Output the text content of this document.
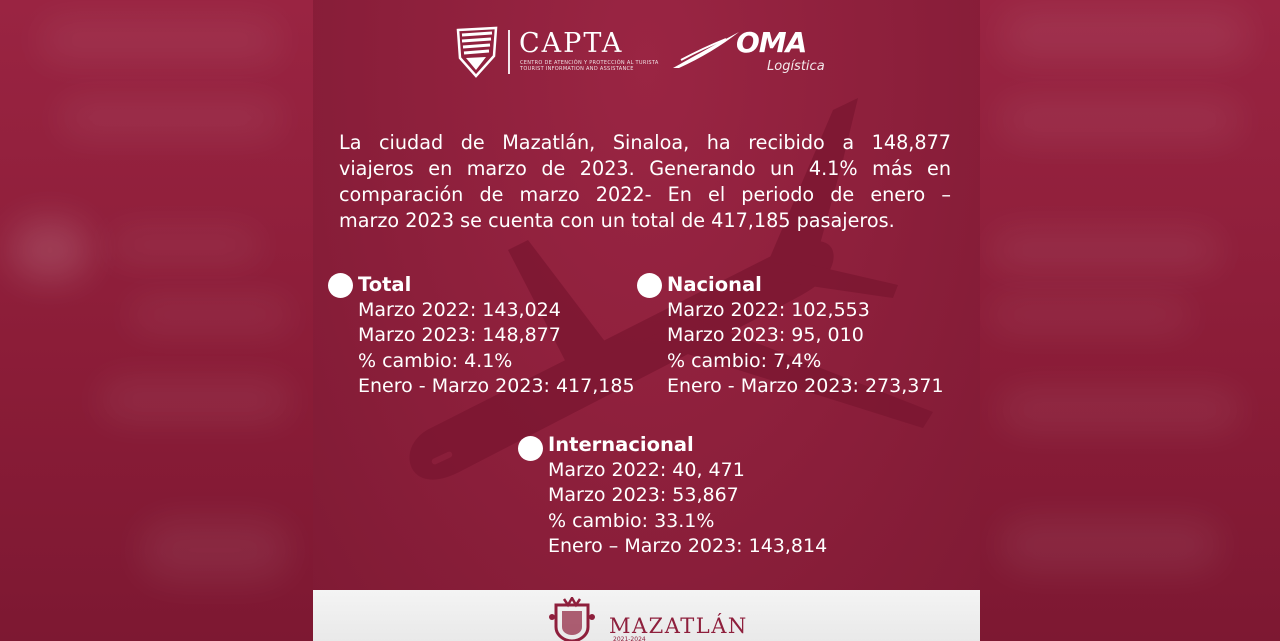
CAPTA
CENTRO DE ATENCIÓN Y PROTECCIÓN AL TURISTA
TOURIST INFORMATION AND ASSISTANCE
OMA
Logística
La ciudad de Mazatlán, Sinaloa, ha recibido a 148,877
viajeros en marzo de 2023. Generando un 4.1% más en
comparación de marzo 2022- En el periodo de enero –
marzo 2023 se cuenta con un total de 417,185 pasajeros.
Total
Marzo 2022: 143,024
Marzo 2023: 148,877
% cambio: 4.1%
Enero - Marzo 2023: 417,185
Nacional
Marzo 2022: 102,553
Marzo 2023: 95, 010
% cambio: 7,4%
Enero - Marzo 2023: 273,371
Internacional
Marzo 2022: 40, 471
Marzo 2023: 53,867
% cambio: 33.1%
Enero – Marzo 2023: 143,814
MAZATLÁN
2021-2024
